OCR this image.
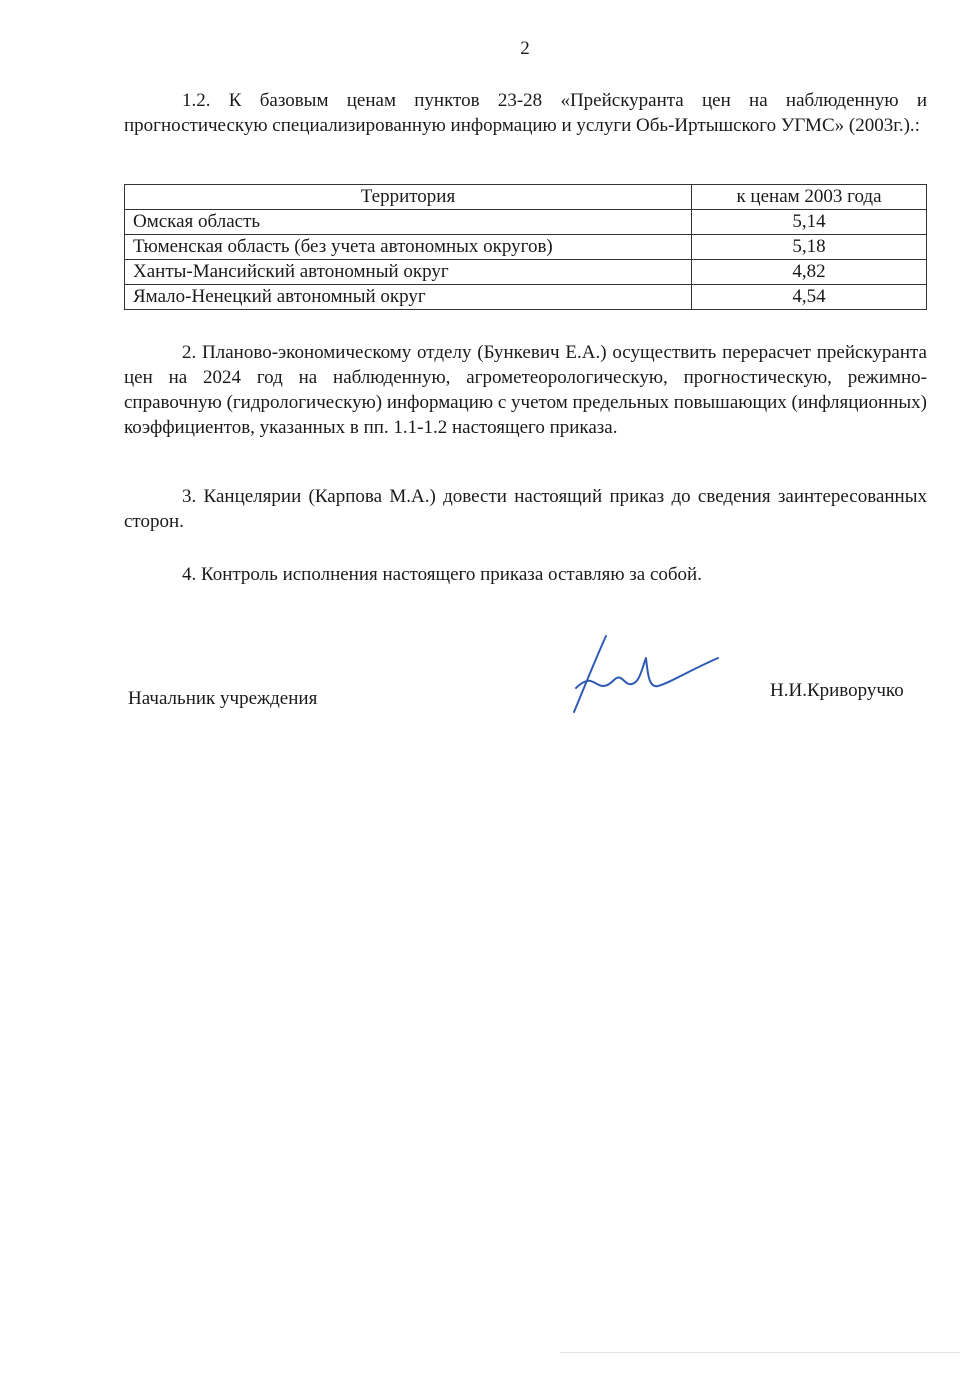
2

1.2. К базовым ценам пунктов 23-28 «Прейскуранта цен на наблюденную и прогностическую специализированную информацию и услуги Обь-Иртышского УГМС» (2003г.).:

Территория	к ценам 2003 года
Омская область	5,14
Тюменская область (без учета автономных округов)	5,18
Ханты-Мансийский автономный округ	4,82
Ямало-Ненецкий автономный округ	4,54

2. Планово-экономическому отделу (Бункевич Е.А.) осуществить перерасчет прейскуранта цен на 2024 год на наблюденную, агрометеорологическую, прогностическую, режимно-справочную (гидрологическую) информацию с учетом предельных повышающих (инфляционных) коэффициентов, указанных в пп. 1.1-1.2 настоящего приказа.

3. Канцелярии (Карпова М.А.) довести настоящий приказ до сведения заинтересованных сторон.

4. Контроль исполнения настоящего приказа оставляю за собой.

Начальник учреждения	Н.И.Криворучко
